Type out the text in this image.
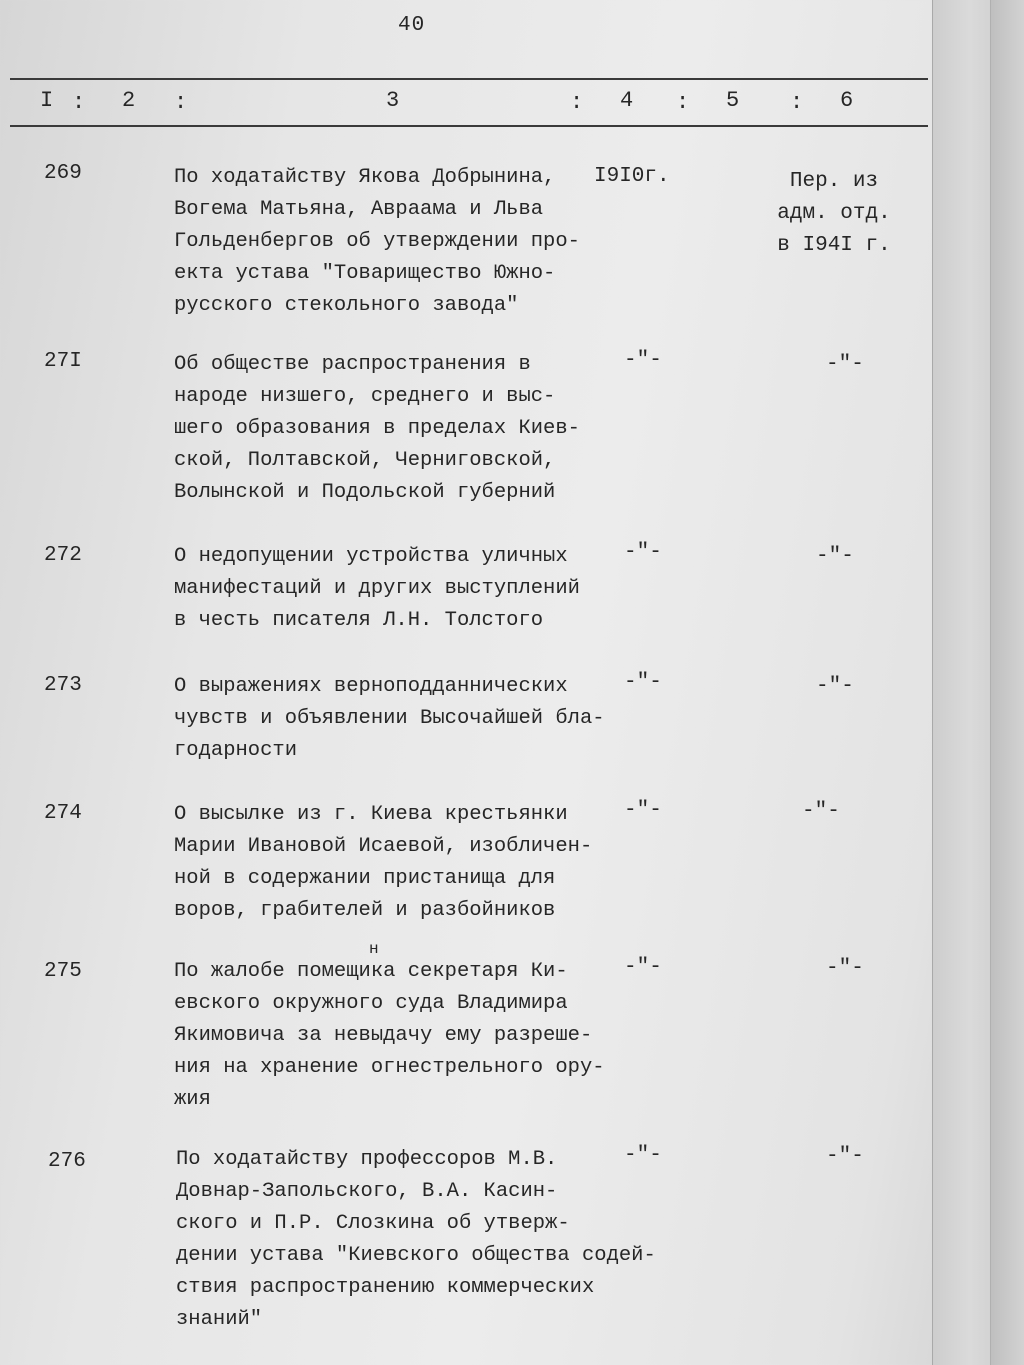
40
I : 2 :	3	: 4 : 5 : 6
269	По ходатайству Якова Добрынина,
Вогема Матьяна, Авраама и Льва
Гольденбергов об утверждении про-
екта устава "Товарищество Южно-
русского стекольного завода"
I9I0г.	Пер. из
адм. отд.
в I94I г.
27I	Об обществе распространения в
народе низшего, среднего и выс-
шего образования в пределах Киев-
ской, Полтавской, Черниговской,
Волынской и Подольской губерний
-"-	-"-
272	О недопущении устройства уличных
манифестаций и других выступлений
в честь писателя Л.Н. Толстого
-"-	-"-
273	О выражениях верноподданнических
чувств и объявлении Высочайшей бла-
годарности
-"-	-"-
274	О высылке из г. Киева крестьянки
Марии Ивановой Исаевой, изобличен-
ной в содержании пристанища для
воров, грабителей и разбойников
-"-	-"-
275
н
По жалобе помещика секретаря Ки-
евского окружного суда Владимира
Якимовича за невыдачу ему разреше-
ния на хранение огнестрельного ору-
жия
-"-	-"-
276	По ходатайству профессоров М.В.
Довнар-Запольского, В.А. Касин-
ского и П.Р. Слозкина об утверж-
дении устава "Киевского общества содей-
ствия распространению коммерческих
знаний"
-"-	-"-
